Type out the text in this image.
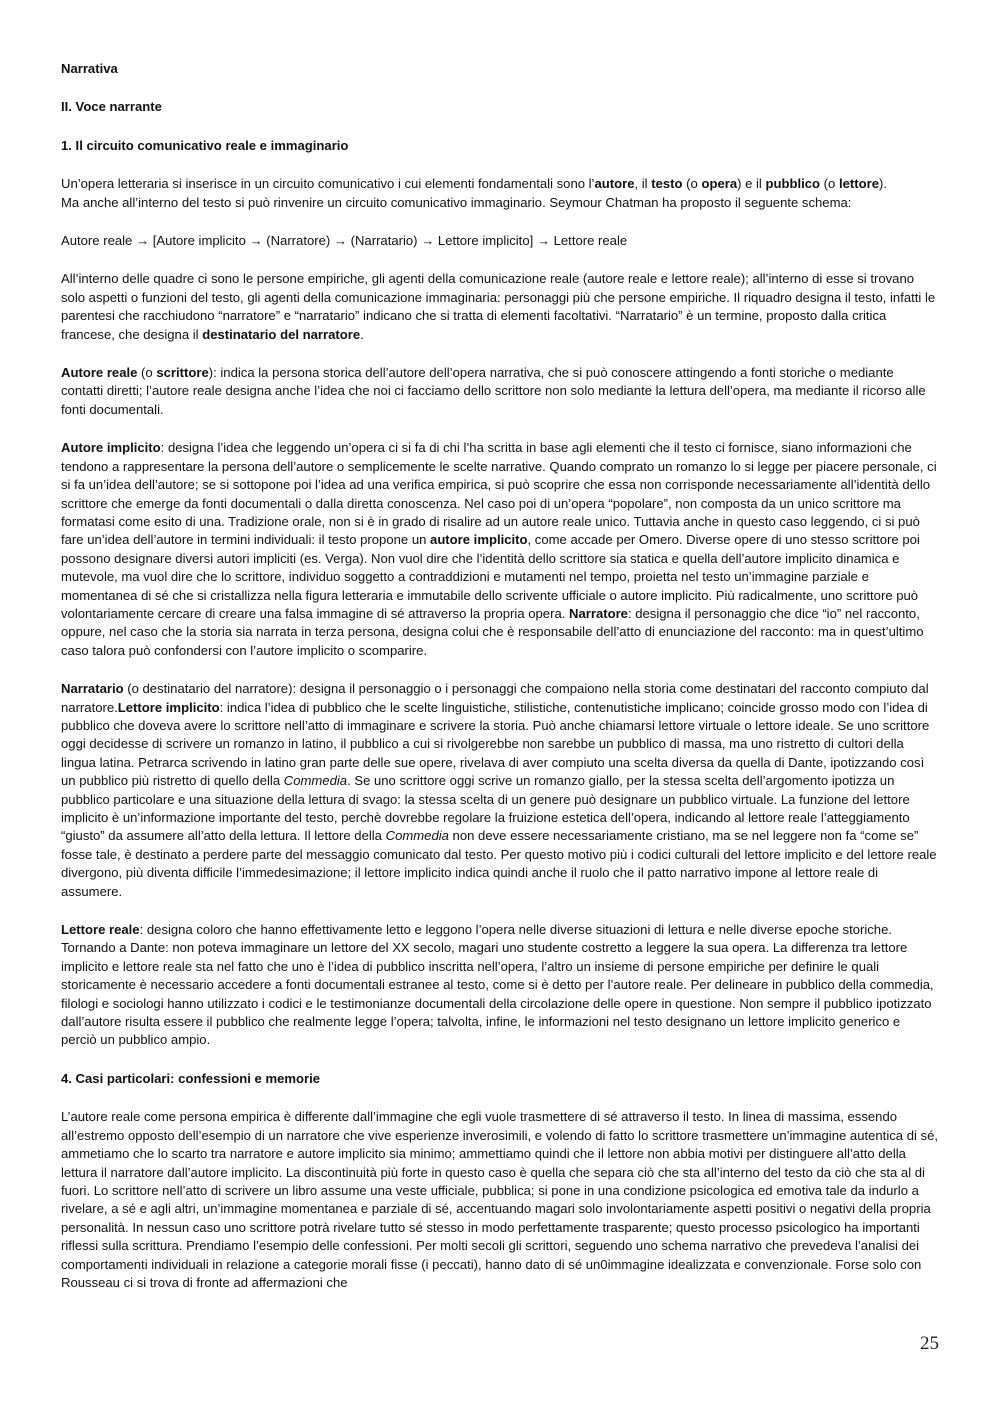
Narrativa

II. Voce narrante

1. Il circuito comunicativo reale e immaginario

Un’opera letteraria si inserisce in un circuito comunicativo i cui elementi fondamentali sono l’autore, il testo (o opera) e il pubblico (o lettore).
Ma anche all’interno del testo si può rinvenire un circuito comunicativo immaginario. Seymour Chatman ha proposto il seguente schema:

Autore reale → [Autore implicito → (Narratore) → (Narratario) → Lettore implicito] → Lettore reale

All’interno delle quadre ci sono le persone empiriche, gli agenti della comunicazione reale (autore reale e lettore reale); all’interno di esse si trovano solo aspetti o funzioni del testo, gli agenti della comunicazione immaginaria: personaggi più che persone empiriche. Il riquadro designa il testo, infatti le parentesi che racchiudono “narratore” e “narratario” indicano che si tratta di elementi facoltativi. “Narratario” è un termine, proposto dalla critica francese, che designa il destinatario del narratore.

Autore reale (o scrittore): indica la persona storica dell’autore dell’opera narrativa, che si può conoscere attingendo a fonti storiche o mediante contatti diretti; l’autore reale designa anche l’idea che noi ci facciamo dello scrittore non solo mediante la lettura dell’opera, ma mediante il ricorso alle fonti documentali.

Autore implicito: designa l’idea che leggendo un’opera ci si fa di chi l’ha scritta in base agli elementi che il testo ci fornisce, siano informazioni che tendono a rappresentare la persona dell’autore o semplicemente le scelte narrative. Quando comprato un romanzo lo si legge per piacere personale, ci si fa un’idea dell’autore; se si sottopone poi l’idea ad una verifica empirica, si può scoprire che essa non corrisponde necessariamente all’identità dello scrittore che emerge da fonti documentali o dalla diretta conoscenza. Nel caso poi di un’opera “popolare”, non composta da un unico scrittore ma formatasi come esito di una. Tradizione orale, non si è in grado di risalire ad un autore reale unico. Tuttavia anche in questo caso leggendo, ci si può fare un’idea dell’autore in termini individuali: il testo propone un autore implicito, come accade per Omero. Diverse opere di uno stesso scrittore poi possono designare diversi autori impliciti (es. Verga). Non vuol dire che l’identità dello scrittore sia statica e quella dell’autore implicito dinamica e mutevole, ma vuol dire che lo scrittore, individuo soggetto a contraddizioni e mutamenti nel tempo, proietta nel testo un’immagine parziale e momentanea di sé che si cristallizza nella figura letteraria e immutabile dello scrivente ufficiale o autore implicito. Più radicalmente, uno scrittore può volontariamente cercare di creare una falsa immagine di sé attraverso la propria opera. Narratore: designa il personaggio che dice “io” nel racconto, oppure, nel caso che la storia sia narrata in terza persona, designa colui che è responsabile dell’atto di enunciazione del racconto: ma in quest’ultimo caso talora può confondersi con l’autore implicito o scomparire.

Narratario (o destinatario del narratore): designa il personaggio o i personaggi che compaiono nella storia come destinatari del racconto compiuto dal narratore.Lettore implicito: indica l’idea di pubblico che le scelte linguistiche, stilistiche, contenutistiche implicano; coincide grosso modo con l’idea di pubblico che doveva avere lo scrittore nell’atto di immaginare e scrivere la storia. Può anche chiamarsi lettore virtuale o lettore ideale. Se uno scrittore oggi decidesse di scrivere un romanzo in latino, il pubblico a cui si rivolgerebbe non sarebbe un pubblico di massa, ma uno ristretto di cultori della lingua latina. Petrarca scrivendo in latino gran parte delle sue opere, rivelava di aver compiuto una scelta diversa da quella di Dante, ipotizzando così un pubblico più ristretto di quello della Commedia. Se uno scrittore oggi scrive un romanzo giallo, per la stessa scelta dell’argomento ipotizza un pubblico particolare e una situazione della lettura di svago: la stessa scelta di un genere può designare un pubblico virtuale. La funzione del lettore implicito è un’informazione importante del testo, perchè dovrebbe regolare la fruizione estetica dell’opera, indicando al lettore reale l’atteggiamento “giusto” da assumere all’atto della lettura. Il lettore della Commedia non deve essere necessariamente cristiano, ma se nel leggere non fa “come se” fosse tale, è destinato a perdere parte del messaggio comunicato dal testo. Per questo motivo più i codici culturali del lettore implicito e del lettore reale divergono, più diventa difficile l’immedesimazione; il lettore implicito indica quindi anche il ruolo che il patto narrativo impone al lettore reale di assumere.

Lettore reale: designa coloro che hanno effettivamente letto e leggono l’opera nelle diverse situazioni di lettura e nelle diverse epoche storiche. Tornando a Dante: non poteva immaginare un lettore del XX secolo, magari uno studente costretto a leggere la sua opera. La differenza tra lettore implicito e lettore reale sta nel fatto che uno è l’idea di pubblico inscritta nell’opera, l’altro un insieme di persone empiriche per definire le quali storicamente è necessario accedere a fonti documentali estranee al testo, come si è detto per l’autore reale. Per delineare in pubblico della commedia, filologi e sociologi hanno utilizzato i codici e le testimonianze documentali della circolazione delle opere in questione. Non sempre il pubblico ipotizzato dall’autore risulta essere il pubblico che realmente legge l’opera; talvolta, infine, le informazioni nel testo designano un lettore implicito generico e perciò un pubblico ampio.

4. Casi particolari: confessioni e memorie

L’autore reale come persona empirica è differente dall’immagine che egli vuole trasmettere di sé attraverso il testo. In linea di massima, essendo all’estremo opposto dell’esempio di un narratore che vive esperienze inverosimili, e volendo di fatto lo scrittore trasmettere un’immagine autentica di sé, ammetiamo che lo scarto tra narratore e autore implicito sia minimo; ammettiamo quindi che il lettore non abbia motivi per distinguere all’atto della lettura il narratore dall’autore implicito. La discontinuità più forte in questo caso è quella che separa ciò che sta all’interno del testo da ciò che sta al di fuori. Lo scrittore nell’atto di scrivere un libro assume una veste ufficiale, pubblica; si pone in una condizione psicologica ed emotiva tale da indurlo a rivelare, a sé e agli altri, un’immagine momentanea e parziale di sé, accentuando magari solo involontariamente aspetti positivi o negativi della propria personalità. In nessun caso uno scrittore potrà rivelare tutto sé stesso in modo perfettamente trasparente; questo processo psicologico ha importanti riflessi sulla scrittura. Prendiamo l’esempio delle confessioni. Per molti secoli gli scrittori, seguendo uno schema narrativo che prevedeva l’analisi dei comportamenti individuali in relazione a categorie morali fisse (i peccati), hanno dato di sé un0immagine idealizzata e convenzionale. Forse solo con Rousseau ci si trova di fronte ad affermazioni che

25
